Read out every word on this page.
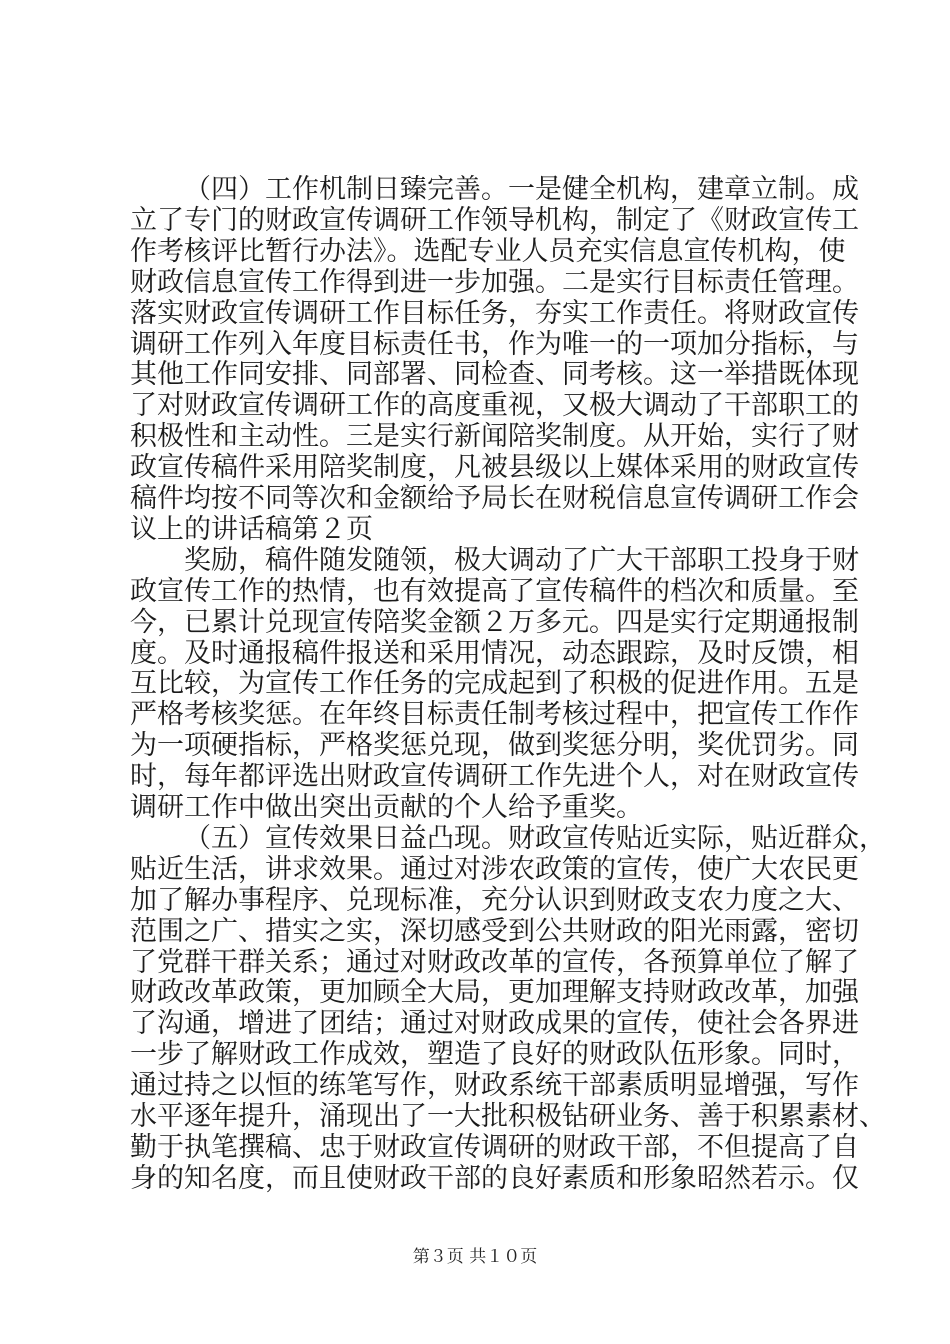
（四）工作机制日臻完善。一是健全机构，建章立制。成
立了专门的财政宣传调研工作领导机构，制定了《财政宣传工
作考核评比暂行办法》。选配专业人员充实信息宣传机构，使
财政信息宣传工作得到进一步加强。二是实行目标责任管理。
落实财政宣传调研工作目标任务，夯实工作责任。将财政宣传
调研工作列入年度目标责任书，作为唯一的一项加分指标，与
其他工作同安排、同部署、同检查、同考核。这一举措既体现
了对财政宣传调研工作的高度重视，又极大调动了干部职工的
积极性和主动性。三是实行新闻陪奖制度。从开始，实行了财
政宣传稿件采用陪奖制度，凡被县级以上媒体采用的财政宣传
稿件均按不同等次和金额给予局长在财税信息宣传调研工作会
议上的讲话稿第２页
奖励，稿件随发随领，极大调动了广大干部职工投身于财
政宣传工作的热情，也有效提高了宣传稿件的档次和质量。至
今，已累计兑现宣传陪奖金额２万多元。四是实行定期通报制
度。及时通报稿件报送和采用情况，动态跟踪，及时反馈，相
互比较，为宣传工作任务的完成起到了积极的促进作用。五是
严格考核奖惩。在年终目标责任制考核过程中，把宣传工作作
为一项硬指标，严格奖惩兑现，做到奖惩分明，奖优罚劣。同
时，每年都评选出财政宣传调研工作先进个人，对在财政宣传
调研工作中做出突出贡献的个人给予重奖。
（五）宣传效果日益凸现。财政宣传贴近实际，贴近群众，
贴近生活，讲求效果。通过对涉农政策的宣传，使广大农民更
加了解办事程序、兑现标准，充分认识到财政支农力度之大、
范围之广、措实之实，深切感受到公共财政的阳光雨露，密切
了党群干群关系；通过对财政改革的宣传，各预算单位了解了
财政改革政策，更加顾全大局，更加理解支持财政改革，加强
了沟通，增进了团结；通过对财政成果的宣传，使社会各界进
一步了解财政工作成效，塑造了良好的财政队伍形象。同时，
通过持之以恒的练笔写作，财政系统干部素质明显增强，写作
水平逐年提升，涌现出了一大批积极钻研业务、善于积累素材、
勤于执笔撰稿、忠于财政宣传调研的财政干部，不但提高了自
身的知名度，而且使财政干部的良好素质和形象昭然若示。仅
第３页 共１０页
